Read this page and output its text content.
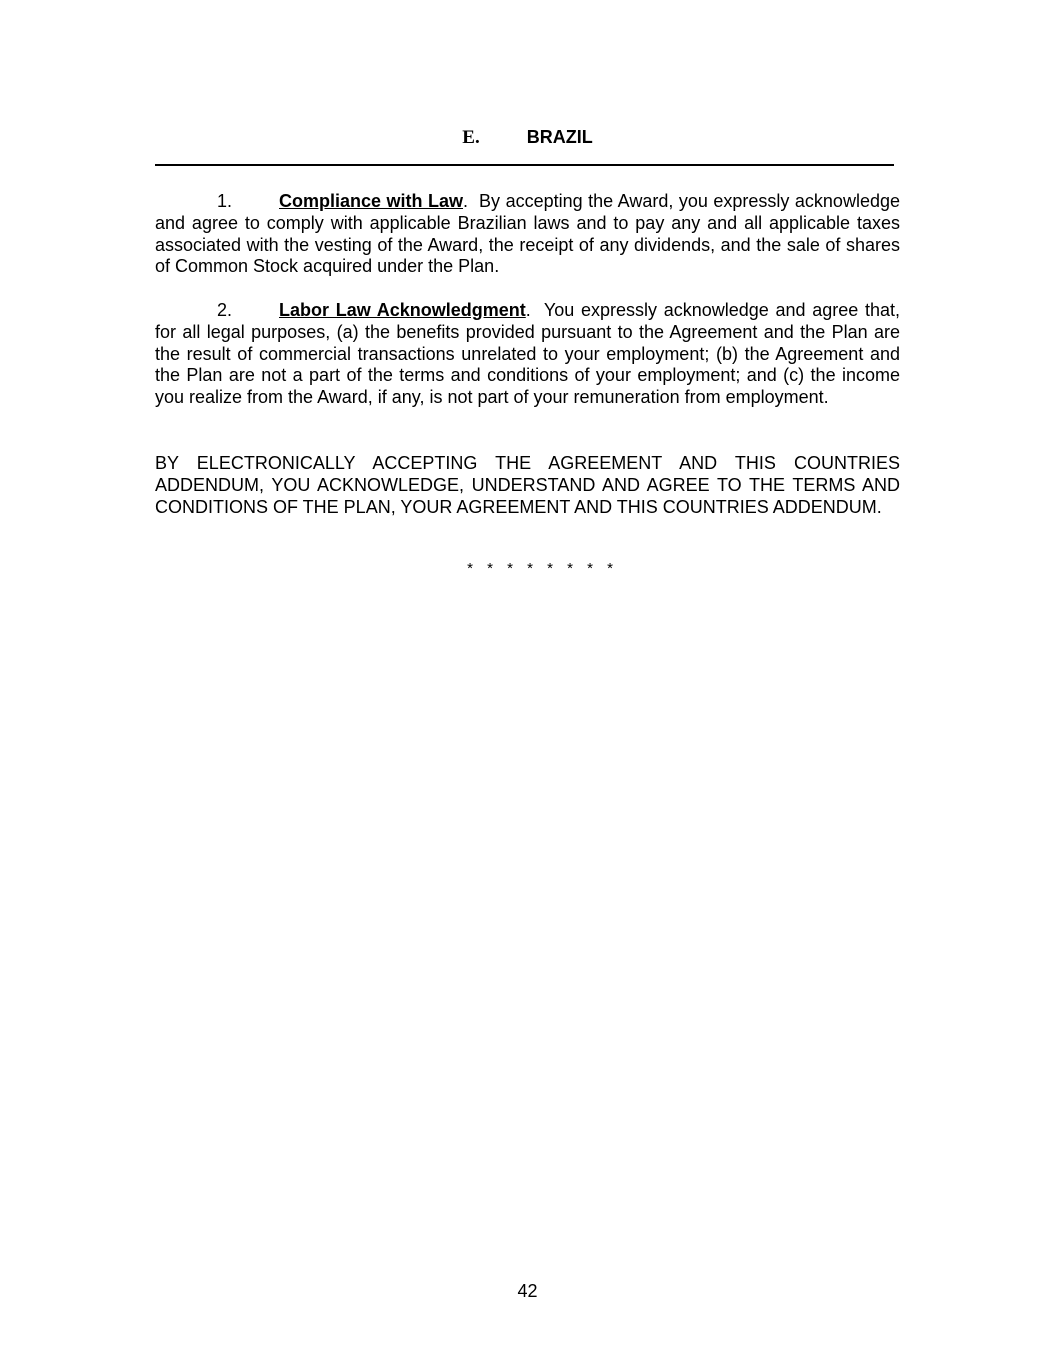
E.	BRAZIL

1.	Compliance with Law.  By accepting the Award, you expressly acknowledge and agree to comply with applicable Brazilian laws and to pay any and all applicable taxes associated with the vesting of the Award, the receipt of any dividends, and the sale of shares of Common Stock acquired under the Plan.

2.	Labor Law Acknowledgment.  You expressly acknowledge and agree that, for all legal purposes, (a) the benefits provided pursuant to the Agreement and the Plan are the result of commercial transactions unrelated to your employment; (b) the Agreement and the Plan are not a part of the terms and conditions of your employment; and (c) the income you realize from the Award, if any, is not part of your remuneration from employment.

BY ELECTRONICALLY ACCEPTING THE AGREEMENT AND THIS COUNTRIES ADDENDUM, YOU ACKNOWLEDGE, UNDERSTAND AND AGREE TO THE TERMS AND CONDITIONS OF THE PLAN, YOUR AGREEMENT AND THIS COUNTRIES ADDENDUM.

* * * * * * * *
42
